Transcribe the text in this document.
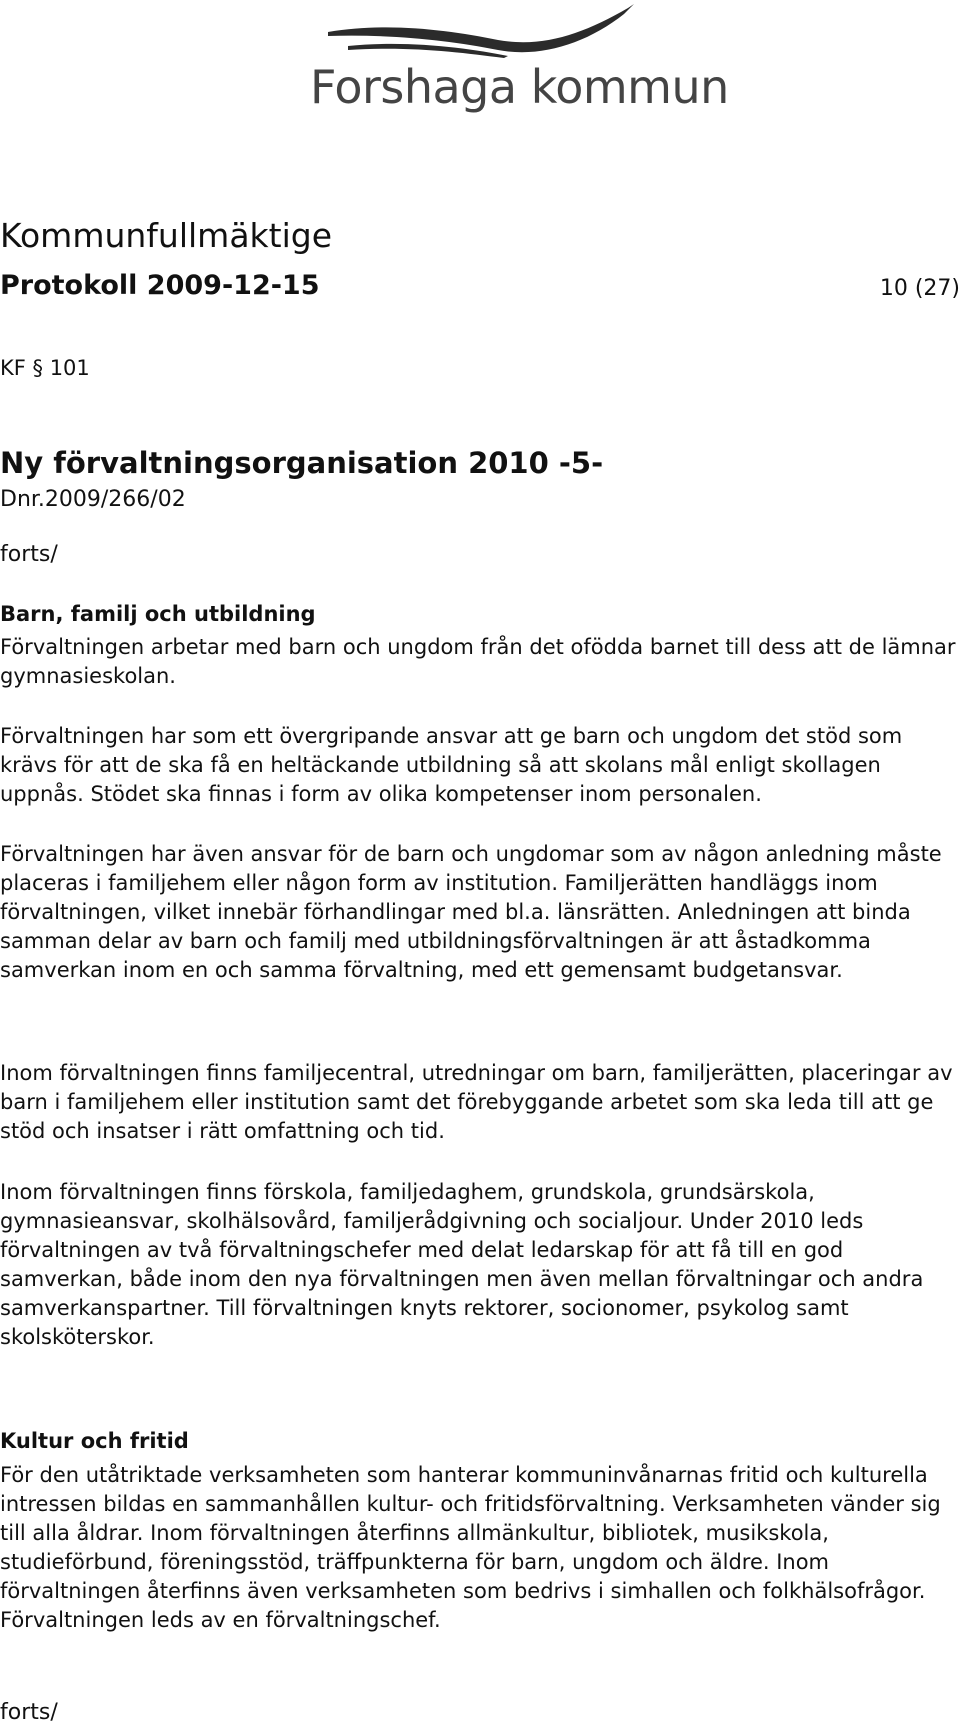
Forshaga kommun
Kommunfullmäktige
Protokoll 2009-12-15	10 (27)
KF § 101
Ny förvaltningsorganisation 2010 -5-
Dnr.2009/266/02
forts/
Barn, familj och utbildning
Förvaltningen arbetar med barn och ungdom från det ofödda barnet till dess att de lämnar gymnasieskolan.
Förvaltningen har som ett övergripande ansvar att ge barn och ungdom det stöd som krävs för att de ska få en heltäckande utbildning så att skolans mål enligt skollagen uppnås. Stödet ska finnas i form av olika kompetenser inom personalen.
Förvaltningen har även ansvar för de barn och ungdomar som av någon anledning måste placeras i familjehem eller någon form av institution. Familjerätten handläggs inom förvaltningen, vilket innebär förhandlingar med bl.a. länsrätten. Anledningen att binda samman delar av barn och familj med utbildningsförvaltningen är att åstadkomma samverkan inom en och samma förvaltning, med ett gemensamt budgetansvar.
Inom förvaltningen finns familjecentral, utredningar om barn, familjerätten, placeringar av barn i familjehem eller institution samt det förebyggande arbetet som ska leda till att ge stöd och insatser i rätt omfattning och tid.
Inom förvaltningen finns förskola, familjedaghem, grundskola, grundsärskola, gymnasieansvar, skolhälsovård, familjerådgivning och socialjour. Under 2010 leds förvaltningen av två förvaltningschefer med delat ledarskap för att få till en god samverkan, både inom den nya förvaltningen men även mellan förvaltningar och andra samverkanspartner. Till förvaltningen knyts rektorer, socionomer, psykolog samt skolsköterskor.
Kultur och fritid
För den utåtriktade verksamheten som hanterar kommuninvånarnas fritid och kulturella intressen bildas en sammanhållen kultur- och fritidsförvaltning. Verksamheten vänder sig till alla åldrar. Inom förvaltningen återfinns allmänkultur, bibliotek, musikskola, studieförbund, föreningsstöd, träffpunkterna för barn, ungdom och äldre. Inom förvaltningen återfinns även verksamheten som bedrivs i simhallen och folkhälsofrågor. Förvaltningen leds av en förvaltningschef.
forts/
